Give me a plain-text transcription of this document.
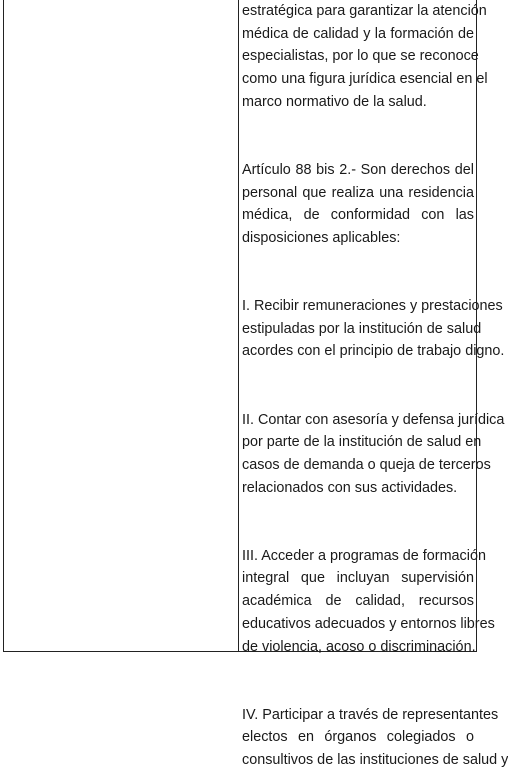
estratégica para garantizar la atención
médica de calidad y la formación de
especialistas, por lo que se reconoce
como una figura jurídica esencial en el
marco normativo de la salud.

Artículo 88 bis 2.- Son derechos del
personal que realiza una residencia
médica, de conformidad con las
disposiciones aplicables:

I. Recibir remuneraciones y prestaciones
estipuladas por la institución de salud
acordes con el principio de trabajo digno.

II. Contar con asesoría y defensa jurídica
por parte de la institución de salud en
casos de demanda o queja de terceros
relacionados con sus actividades.

III. Acceder a programas de formación
integral que incluyan supervisión
académica de calidad, recursos
educativos adecuados y entornos libres
de violencia, acoso o discriminación.

IV. Participar a través de representantes
electos en órganos colegiados o
consultivos de las instituciones de salud y
